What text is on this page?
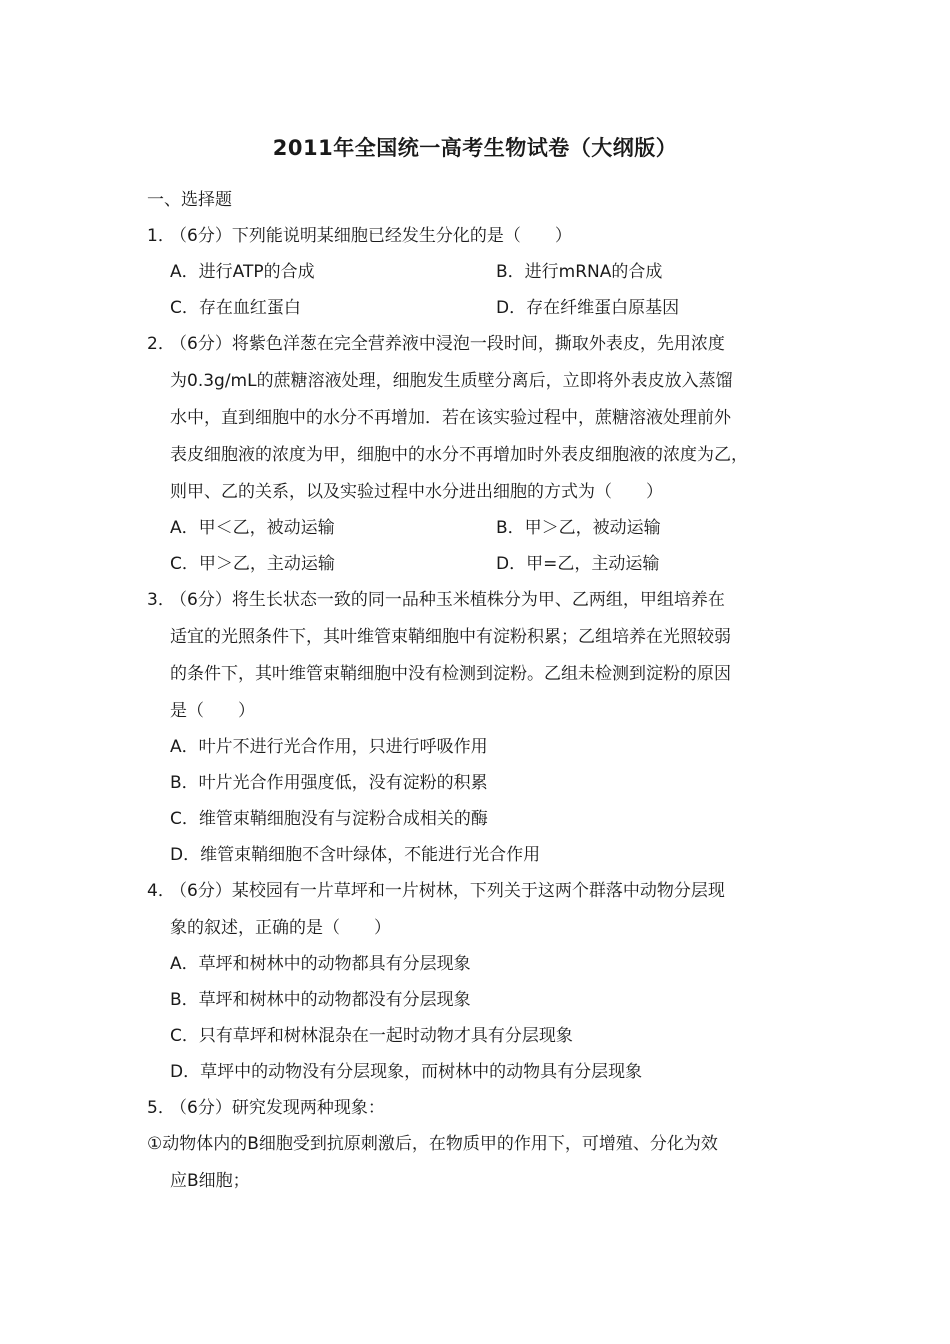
2011年全国统一高考生物试卷（大纲版）
一、选择题
1．
（6分）下列能说明某细胞已经发生分化的是（　　）
A．进行ATP的合成	B．进行mRNA的合成
C．存在血红蛋白	D．存在纤维蛋白原基因
2．
（6分）将紫色洋葱在完全营养液中浸泡一段时间，撕取外表皮，先用浓度
为0.3g/mL的蔗糖溶液处理，细胞发生质壁分离后，立即将外表皮放入蒸馏
水中，直到细胞中的水分不再增加．若在该实验过程中，蔗糖溶液处理前外
表皮细胞液的浓度为甲，细胞中的水分不再增加时外表皮细胞液的浓度为乙，
则甲、乙的关系，以及实验过程中水分进出细胞的方式为（　　）
A．甲＜乙，被动运输	B．甲＞乙，被动运输
C．甲＞乙，主动运输	D．甲=乙，主动运输
3．
（6分）将生长状态一致的同一品种玉米植株分为甲、乙两组，甲组培养在
适宜的光照条件下，其叶维管束鞘细胞中有淀粉积累；乙组培养在光照较弱
的条件下，其叶维管束鞘细胞中没有检测到淀粉。乙组未检测到淀粉的原因
是（　　）
A．叶片不进行光合作用，只进行呼吸作用
B．叶片光合作用强度低，没有淀粉的积累
C．维管束鞘细胞没有与淀粉合成相关的酶
D．维管束鞘细胞不含叶绿体，不能进行光合作用
4．
（6分）某校园有一片草坪和一片树林，下列关于这两个群落中动物分层现
象的叙述，正确的是（　　）
A．草坪和树林中的动物都具有分层现象
B．草坪和树林中的动物都没有分层现象
C．只有草坪和树林混杂在一起时动物才具有分层现象
D．草坪中的动物没有分层现象，而树林中的动物具有分层现象
5．
（6分）研究发现两种现象：
①动物体内的B细胞受到抗原刺激后，在物质甲的作用下，可增殖、分化为效
应B细胞；
